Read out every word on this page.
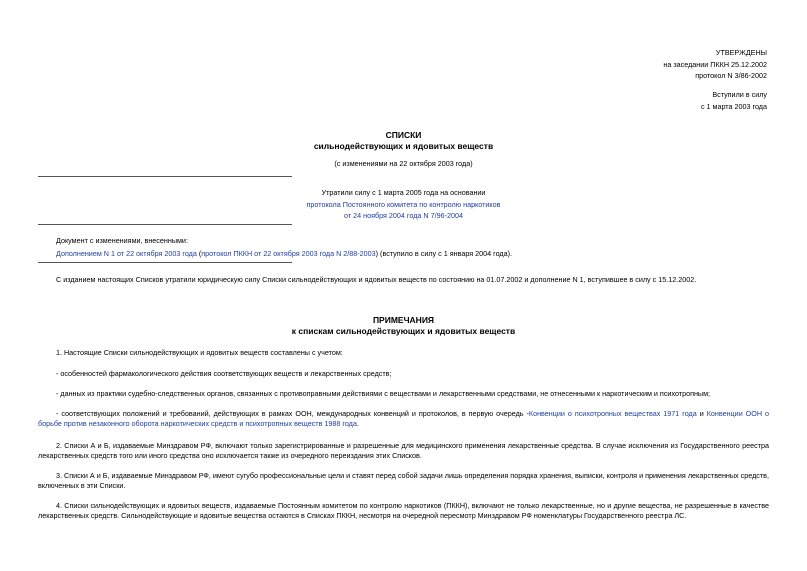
УТВЕРЖДЕНЫ
на заседании ПККН 25.12.2002
протокол N 3/86-2002
Вступили в силу
с 1 марта 2003 года
СПИСКИ
сильнодействующих и ядовитых веществ
(с изменениями на 22 октября 2003 года)
Утратили силу с 1 марта 2005 года на основании
протокола Постоянного комитета по контролю наркотиков
от 24 ноября 2004 года N 7/96-2004
Документ с изменениями, внесенными:
Дополнением N 1 от 22 октября 2003 года (протокол ПККН от 22 октября 2003 года N 2/88-2003) (вступило в силу с 1 января 2004 года).
С изданием настоящих Списков утратили юридическую силу Списки сильнодействующих и ядовитых веществ по состоянию на 01.07.2002 и дополнение N 1, вступившее в силу с 15.12.2002.
ПРИМЕЧАНИЯ
к спискам сильнодействующих и ядовитых веществ
1. Настоящие Списки сильнодействующих и ядовитых веществ составлены с учетом:
- особенностей фармакологического действия соответствующих веществ и лекарственных средств;
- данных из практики судебно-следственных органов, связанных с противоправными действиями с веществами и лекарственными средствами, не отнесенными к наркотическим и психотропным;
- соответствующих положений и требований, действующих в рамках ООН, международных конвенций и протоколов, в первую очередь -Конвенции о психотропных веществах 1971 года и Конвенции ООН о борьбе против незаконного оборота наркотических средств и психотропных веществ 1988 года.
2. Списки А и Б, издаваемые Минздравом РФ, включают только зарегистрированные и разрешенные для медицинского применения лекарственные средства. В случае исключения из Государственного реестра лекарственных средств того или иного средства оно исключается также из очередного переиздания этих Списков.
3. Списки А и Б, издаваемые Минздравом РФ, имеют сугубо профессиональные цели и ставят перед собой задачи лишь определения порядка хранения, выписки, контроля и применения лекарственных средств, включенных в эти Списки.
4. Списки сильнодействующих и ядовитых веществ, издаваемые Постоянным комитетом по контролю наркотиков (ПККН), включают не только лекарственные, но и другие вещества, не разрешенные в качестве лекарственных средств. Сильнодействующие и ядовитые вещества остаются в Списках ПККН, несмотря на очередной пересмотр Минздравом РФ номенклатуры Государственного реестра ЛС.
